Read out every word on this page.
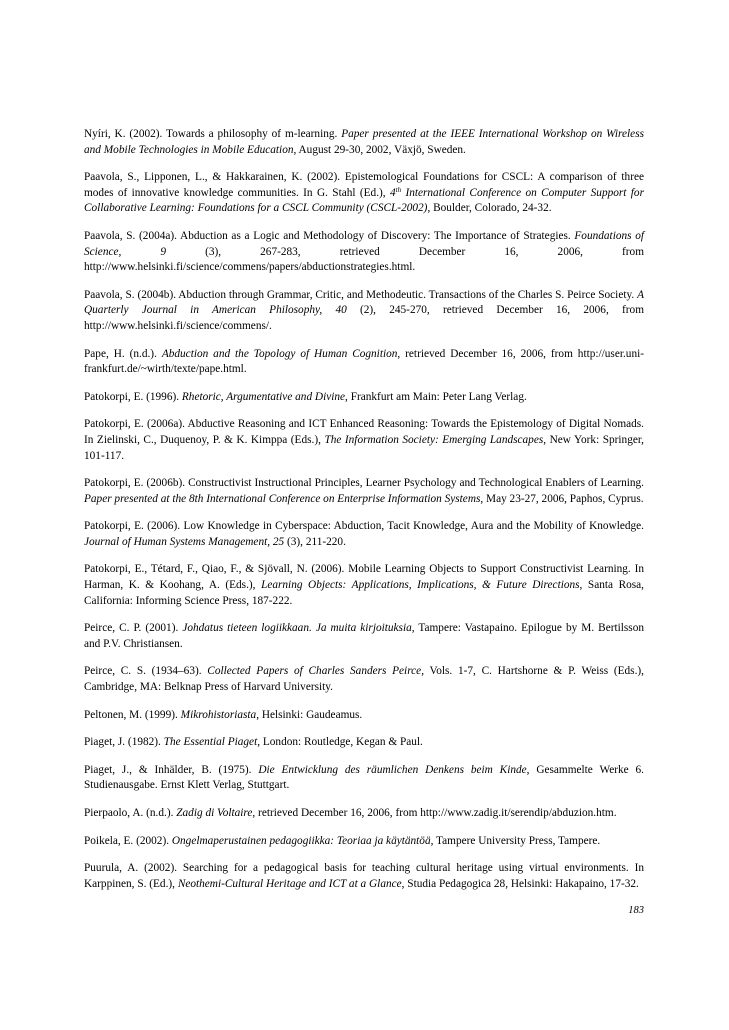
Nyíri, K. (2002). Towards a philosophy of m-learning. Paper presented at the IEEE International Workshop on Wireless and Mobile Technologies in Mobile Education, August 29-30, 2002, Växjö, Sweden.

Paavola, S., Lipponen, L., & Hakkarainen, K. (2002). Epistemological Foundations for CSCL: A comparison of three modes of innovative knowledge communities. In G. Stahl (Ed.), 4th International Conference on Computer Support for Collaborative Learning: Foundations for a CSCL Community (CSCL-2002), Boulder, Colorado, 24-32.

Paavola, S. (2004a). Abduction as a Logic and Methodology of Discovery: The Importance of Strategies. Foundations of Science, 9 (3), 267-283, retrieved December 16, 2006, from http://www.helsinki.fi/science/commens/papers/abductionstrategies.html.

Paavola, S. (2004b). Abduction through Grammar, Critic, and Methodeutic. Transactions of the Charles S. Peirce Society. A Quarterly Journal in American Philosophy, 40 (2), 245-270, retrieved December 16, 2006, from http://www.helsinki.fi/science/commens/.

Pape, H. (n.d.). Abduction and the Topology of Human Cognition, retrieved December 16, 2006, from http://user.uni-frankfurt.de/~wirth/texte/pape.html.

Patokorpi, E. (1996). Rhetoric, Argumentative and Divine, Frankfurt am Main: Peter Lang Verlag.

Patokorpi, E. (2006a). Abductive Reasoning and ICT Enhanced Reasoning: Towards the Epistemology of Digital Nomads. In Zielinski, C., Duquenoy, P. & K. Kimppa (Eds.), The Information Society: Emerging Landscapes, New York: Springer, 101-117.

Patokorpi, E. (2006b). Constructivist Instructional Principles, Learner Psychology and Technological Enablers of Learning. Paper presented at the 8th International Conference on Enterprise Information Systems, May 23-27, 2006, Paphos, Cyprus.

Patokorpi, E. (2006). Low Knowledge in Cyberspace: Abduction, Tacit Knowledge, Aura and the Mobility of Knowledge. Journal of Human Systems Management, 25 (3), 211-220.

Patokorpi, E., Tétard, F., Qiao, F., & Sjövall, N. (2006). Mobile Learning Objects to Support Constructivist Learning. In Harman, K. & Koohang, A. (Eds.), Learning Objects: Applications, Implications, & Future Directions, Santa Rosa, California: Informing Science Press, 187-222.

Peirce, C. P. (2001). Johdatus tieteen logiikkaan. Ja muita kirjoituksia, Tampere: Vastapaino. Epilogue by M. Bertilsson and P.V. Christiansen.

Peirce, C. S. (1934–63). Collected Papers of Charles Sanders Peirce, Vols. 1-7, C. Hartshorne & P. Weiss (Eds.), Cambridge, MA: Belknap Press of Harvard University.

Peltonen, M. (1999). Mikrohistoriasta, Helsinki: Gaudeamus.

Piaget, J. (1982). The Essential Piaget, London: Routledge, Kegan & Paul.

Piaget, J., & Inhälder, B. (1975). Die Entwicklung des räumlichen Denkens beim Kinde, Gesammelte Werke 6. Studienausgabe. Ernst Klett Verlag, Stuttgart.

Pierpaolo, A. (n.d.). Zadig di Voltaire, retrieved December 16, 2006, from http://www.zadig.it/serendip/abduzion.htm.

Poikela, E. (2002). Ongelmaperustainen pedagogiikka: Teoriaa ja käytäntöä, Tampere University Press, Tampere.

Puurula, A. (2002). Searching for a pedagogical basis for teaching cultural heritage using virtual environments. In Karppinen, S. (Ed.), Neothemi-Cultural Heritage and ICT at a Glance, Studia Pedagogica 28, Helsinki: Hakapaino, 17-32.

183
